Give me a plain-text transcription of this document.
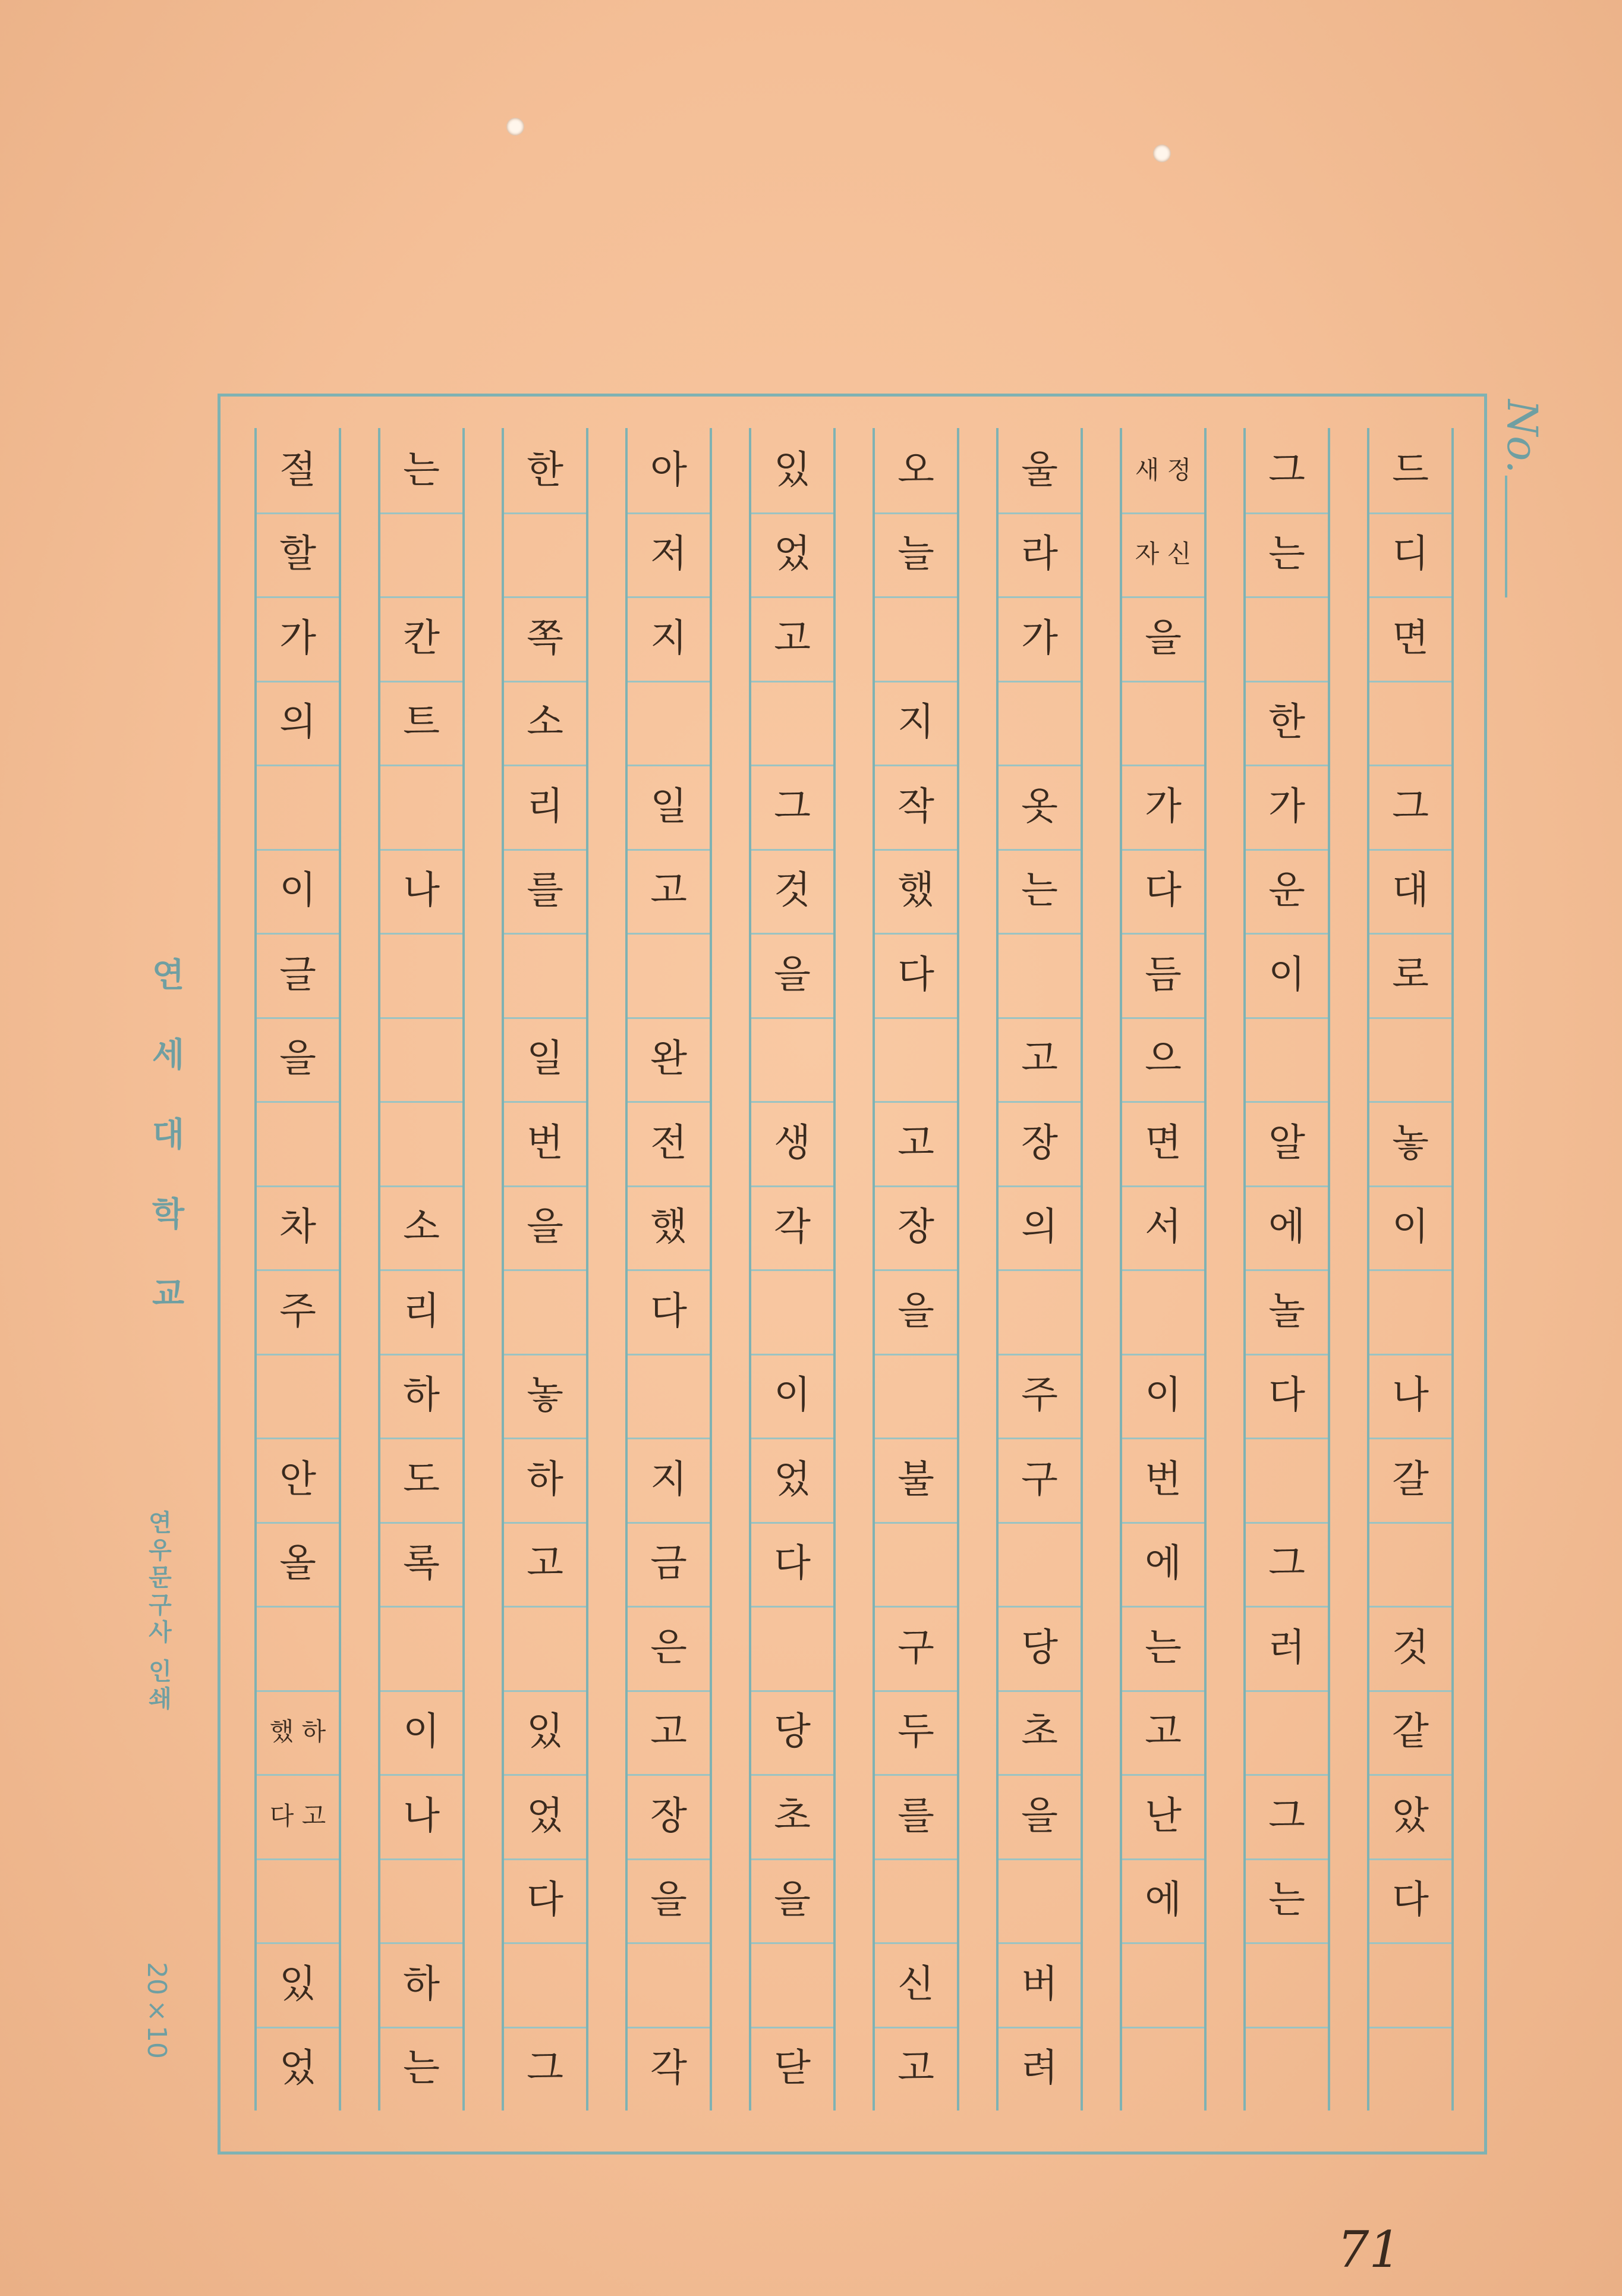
드
디
면
그
대
로
놓
이
나
갈
것
같
았
다
그
는
한
가
운
이
알
에
놀
다
그
러
그
는
새 정
자 신
을
가
다
듬
으
면
서
이
번
에
는
고
난
에
울
라
가
옷
는
고
장
의
주
구
당
초
을
버
려
오
늘
지
작
했
다
고
장
을
불
구
두
를
신
고
있
었
고
그
것
을
생
각
이
었
다
당
초
을
닫
아
저
지
일
고
완
전
했
다
지
금
은
고
장
을
각
한
쪽
소
리
를
일
번
을
놓
하
고
있
었
다
그
는
칸
트
나
소
리
하
도
록
이
나
하
는
절
할
가
의
이
글
을
차
주
안
올
했 하
다 고
있
었
No.
연세대학교
연우문구사 인쇄
20×10
71
